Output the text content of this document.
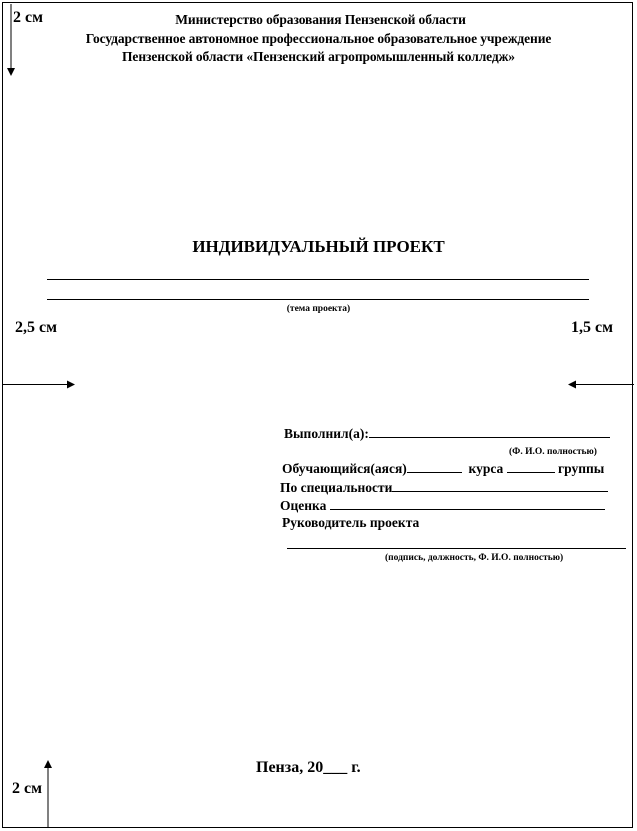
2 см	Министерство образования Пензенской области
Государственное автономное профессиональное образовательное учреждение
Пензенской области «Пензенский агропромышленный колледж»
ИНДИВИДУАЛЬНЫЙ ПРОЕКТ
(тема проекта)
2,5 см	1,5 см
Выполнил(а):
(Ф. И.О. полностью)
Обучающийся(аяся)	курса	группы
По специальности
Оценка
Руководитель проекта
(подпись, должность, Ф. И.О. полностью)
Пенза, 20___ г.
2 см
